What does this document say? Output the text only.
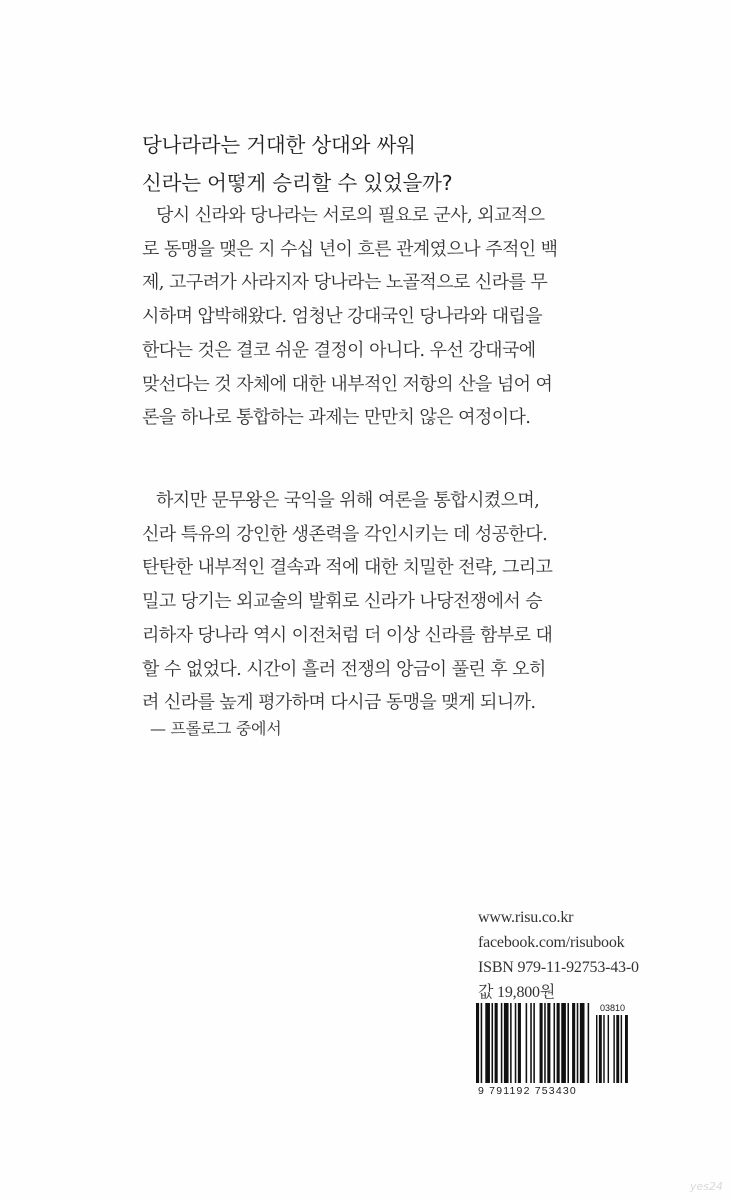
당나라라는 거대한 상대와 싸워
신라는 어떻게 승리할 수 있었을까?
당시 신라와 당나라는 서로의 필요로 군사, 외교적으
로 동맹을 맺은 지 수십 년이 흐른 관계였으나 주적인 백
제, 고구려가 사라지자 당나라는 노골적으로 신라를 무
시하며 압박해왔다. 엄청난 강대국인 당나라와 대립을
한다는 것은 결코 쉬운 결정이 아니다. 우선 강대국에
맞선다는 것 자체에 대한 내부적인 저항의 산을 넘어 여
론을 하나로 통합하는 과제는 만만치 않은 여정이다.
하지만 문무왕은 국익을 위해 여론을 통합시켰으며,
신라 특유의 강인한 생존력을 각인시키는 데 성공한다.
탄탄한 내부적인 결속과 적에 대한 치밀한 전략, 그리고
밀고 당기는 외교술의 발휘로 신라가 나당전쟁에서 승
리하자 당나라 역시 이전처럼 더 이상 신라를 함부로 대
할 수 없었다. 시간이 흘러 전쟁의 앙금이 풀린 후 오히
려 신라를 높게 평가하며 다시금 동맹을 맺게 되니까.
— 프롤로그 중에서
www.risu.co.kr
facebook.com/risubook
ISBN 979-11-92753-43-0
값 19,800원
03810
9 791192 753430
yes24
